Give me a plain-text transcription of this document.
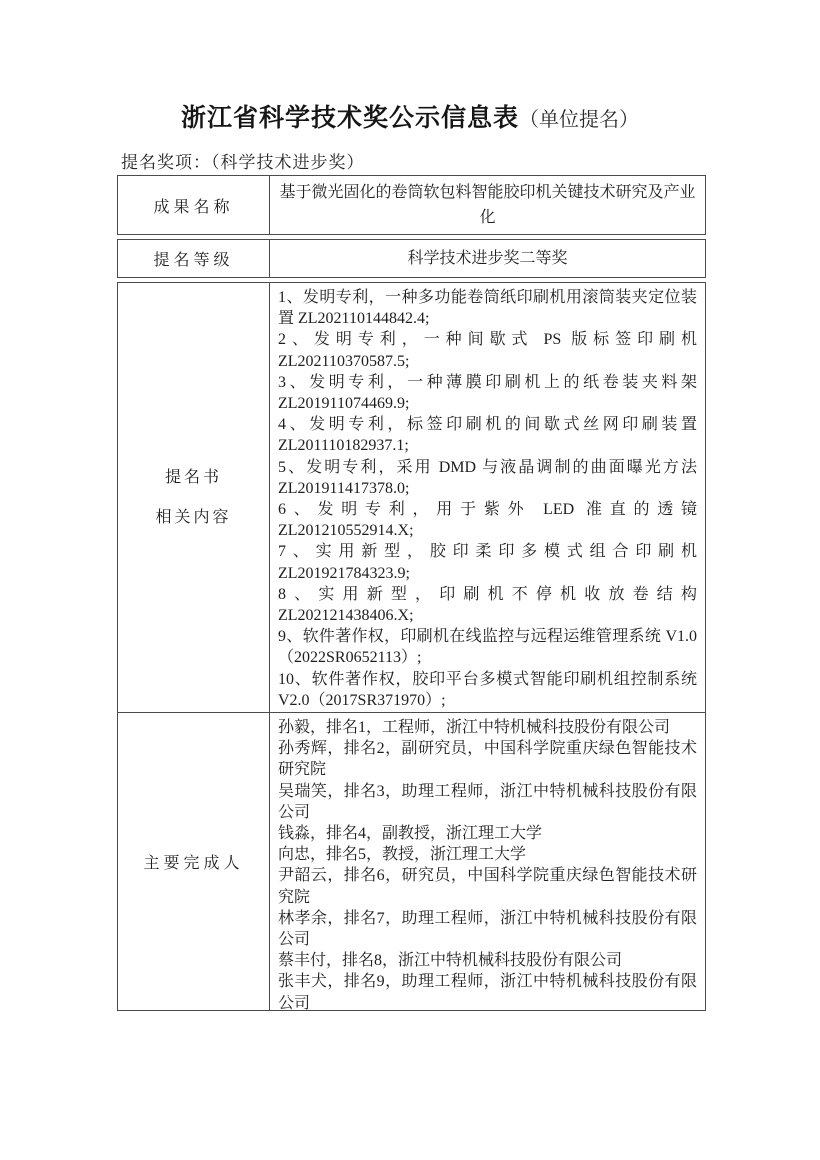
浙江省科学技术奖公示信息表（单位提名）
提名奖项：（科学技术进步奖）
成果名称
基于微光固化的卷筒软包料智能胶印机关键技术研究及产业化
提名等级	科学技术进步奖二等奖
提名书
相关内容
1、发明专利，一种多功能卷筒纸印刷机用滚筒装夹定位装置 ZL202110144842.4;
2、发明专利，一种间歇式 PS 版标签印刷机 ZL202110370587.5;
3、发明专利，一种薄膜印刷机上的纸卷装夹料架 ZL201911074469.9;
4、发明专利，标签印刷机的间歇式丝网印刷装置 ZL201110182937.1;
5、发明专利，采用 DMD 与液晶调制的曲面曝光方法 ZL201911417378.0;
6、发明专利，用于紫外 LED 准直的透镜 ZL201210552914.X;
7、实用新型，胶印柔印多模式组合印刷机 ZL201921784323.9;
8、实用新型，印刷机不停机收放卷结构 ZL202121438406.X;
9、软件著作权，印刷机在线监控与远程运维管理系统 V1.0（2022SR0652113）;
10、软件著作权，胶印平台多模式智能印刷机组控制系统 V2.0（2017SR371970）;
主要完成人
孙毅，排名1，工程师，浙江中特机械科技股份有限公司
孙秀辉，排名2，副研究员，中国科学院重庆绿色智能技术研究院
吴瑞笑，排名3，助理工程师，浙江中特机械科技股份有限公司
钱淼，排名4，副教授，浙江理工大学
向忠，排名5，教授，浙江理工大学
尹韶云，排名6，研究员，中国科学院重庆绿色智能技术研究院
林孝余，排名7，助理工程师，浙江中特机械科技股份有限公司
蔡丰付，排名8，浙江中特机械科技股份有限公司
张丰犬，排名9，助理工程师，浙江中特机械科技股份有限公司
